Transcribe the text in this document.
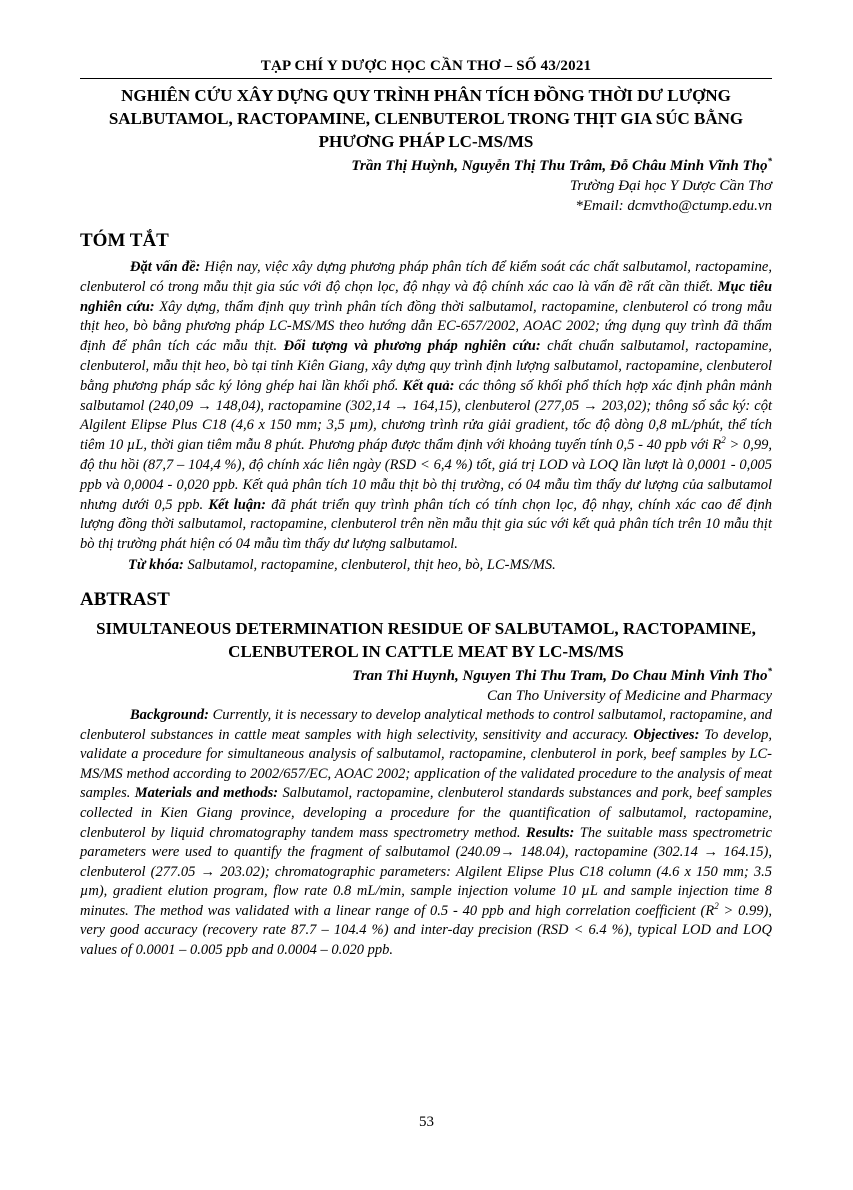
TẠP CHÍ Y DƯỢC HỌC CẦN THƠ – SỐ 43/2021
NGHIÊN CỨU XÂY DỰNG QUY TRÌNH PHÂN TÍCH ĐỒNG THỜI DƯ LƯỢNG SALBUTAMOL, RACTOPAMINE, CLENBUTEROL TRONG THỊT GIA SÚC BẰNG PHƯƠNG PHÁP LC-MS/MS
Trần Thị Huỳnh, Nguyễn Thị Thu Trâm, Đỗ Châu Minh Vĩnh Thọ*
Trường Đại học Y Dược Cần Thơ
*Email: dcmvtho@ctump.edu.vn
TÓM TẮT

Đặt vấn đề: Hiện nay, việc xây dựng phương pháp phân tích để kiểm soát các chất salbutamol, ractopamine, clenbuterol có trong mẫu thịt gia súc với độ chọn lọc, độ nhạy và độ chính xác cao là vấn đề rất cần thiết. Mục tiêu nghiên cứu: Xây dựng, thẩm định quy trình phân tích đồng thời salbutamol, ractopamine, clenbuterol có trong mẫu thịt heo, bò bằng phương pháp LC-MS/MS theo hướng dẫn EC-657/2002, AOAC 2002; ứng dụng quy trình đã thẩm định để phân tích các mẫu thịt. Đối tượng và phương pháp nghiên cứu: chất chuẩn salbutamol, ractopamine, clenbuterol, mẫu thịt heo, bò tại tỉnh Kiên Giang, xây dựng quy trình định lượng salbutamol, ractopamine, clenbuterol bằng phương pháp sắc ký lỏng ghép hai lần khối phổ. Kết quả: các thông số khối phổ thích hợp xác định phân mảnh salbutamol (240,09 → 148,04), ractopamine (302,14 → 164,15), clenbuterol (277,05 → 203,02); thông số sắc ký: cột Algilent Elipse Plus C18 (4,6 x 150 mm; 3,5 µm), chương trình rửa giải gradient, tốc độ dòng 0,8 mL/phút, thể tích tiêm 10 µL, thời gian tiêm mẫu 8 phút. Phương pháp được thẩm định với khoảng tuyến tính 0,5 - 40 ppb với $R^2 > 0,99$, độ thu hồi (87,7 – 104,4 %), độ chính xác liên ngày (RSD < 6,4 %) tốt, giá trị LOD và LOQ lần lượt là 0,0001 - 0,005 ppb và 0,0004 - 0,020 ppb. Kết quả phân tích 10 mẫu thịt bò thị trường, có 04 mẫu tìm thấy dư lượng của salbutamol nhưng dưới 0,5 ppb. Kết luận: đã phát triển quy trình phân tích có tính chọn lọc, độ nhạy, chính xác cao để định lượng đồng thời salbutamol, ractopamine, clenbuterol trên nền mẫu thịt gia súc với kết quả phân tích trên 10 mẫu thịt bò thị trường phát hiện có 04 mẫu tìm thấy dư lượng salbutamol.

Từ khóa: Salbutamol, ractopamine, clenbuterol, thịt heo, bò, LC-MS/MS.

ABTRAST
SIMULTANEOUS DETERMINATION RESIDUE OF SALBUTAMOL, RACTOPAMINE, CLENBUTEROL IN CATTLE MEAT BY LC-MS/MS
Tran Thi Huynh, Nguyen Thi Thu Tram, Do Chau Minh Vinh Tho*
Can Tho University of Medicine and Pharmacy

Background: Currently, it is necessary to develop analytical methods to control salbutamol, ractopamine, and clenbuterol substances in cattle meat samples with high selectivity, sensitivity and accuracy. Objectives: To develop, validate a procedure for simultaneous analysis of salbutamol, ractopamine, clenbuterol in pork, beef samples by LC-MS/MS method according to 2002/657/EC, AOAC 2002; application of the validated procedure to the analysis of meat samples. Materials and methods: Salbutamol, ractopamine, clenbuterol standards substances and pork, beef samples collected in Kien Giang province, developing a procedure for the quantification of salbutamol, ractopamine, clenbuterol by liquid chromatography tandem mass spectrometry method. Results: The suitable mass spectrometric parameters were used to quantify the fragment of salbutamol (240.09→ 148.04), ractopamine (302.14 → 164.15), clenbuterol (277.05 → 203.02); chromatographic parameters: Algilent Elipse Plus C18 column (4.6 x 150 mm; 3.5 µm), gradient elution program, flow rate 0.8 mL/min, sample injection volume 10 µL and sample injection time 8 minutes. The method was validated with a linear range of 0.5 - 40 ppb and high correlation coefficient $(R^2 > 0.99)$, very good accuracy (recovery rate 87.7 – 104.4 %) and inter-day precision (RSD < 6.4 %), typical LOD and LOQ values of 0.0001 – 0.005 ppb and 0.0004 – 0.020 ppb.

53
